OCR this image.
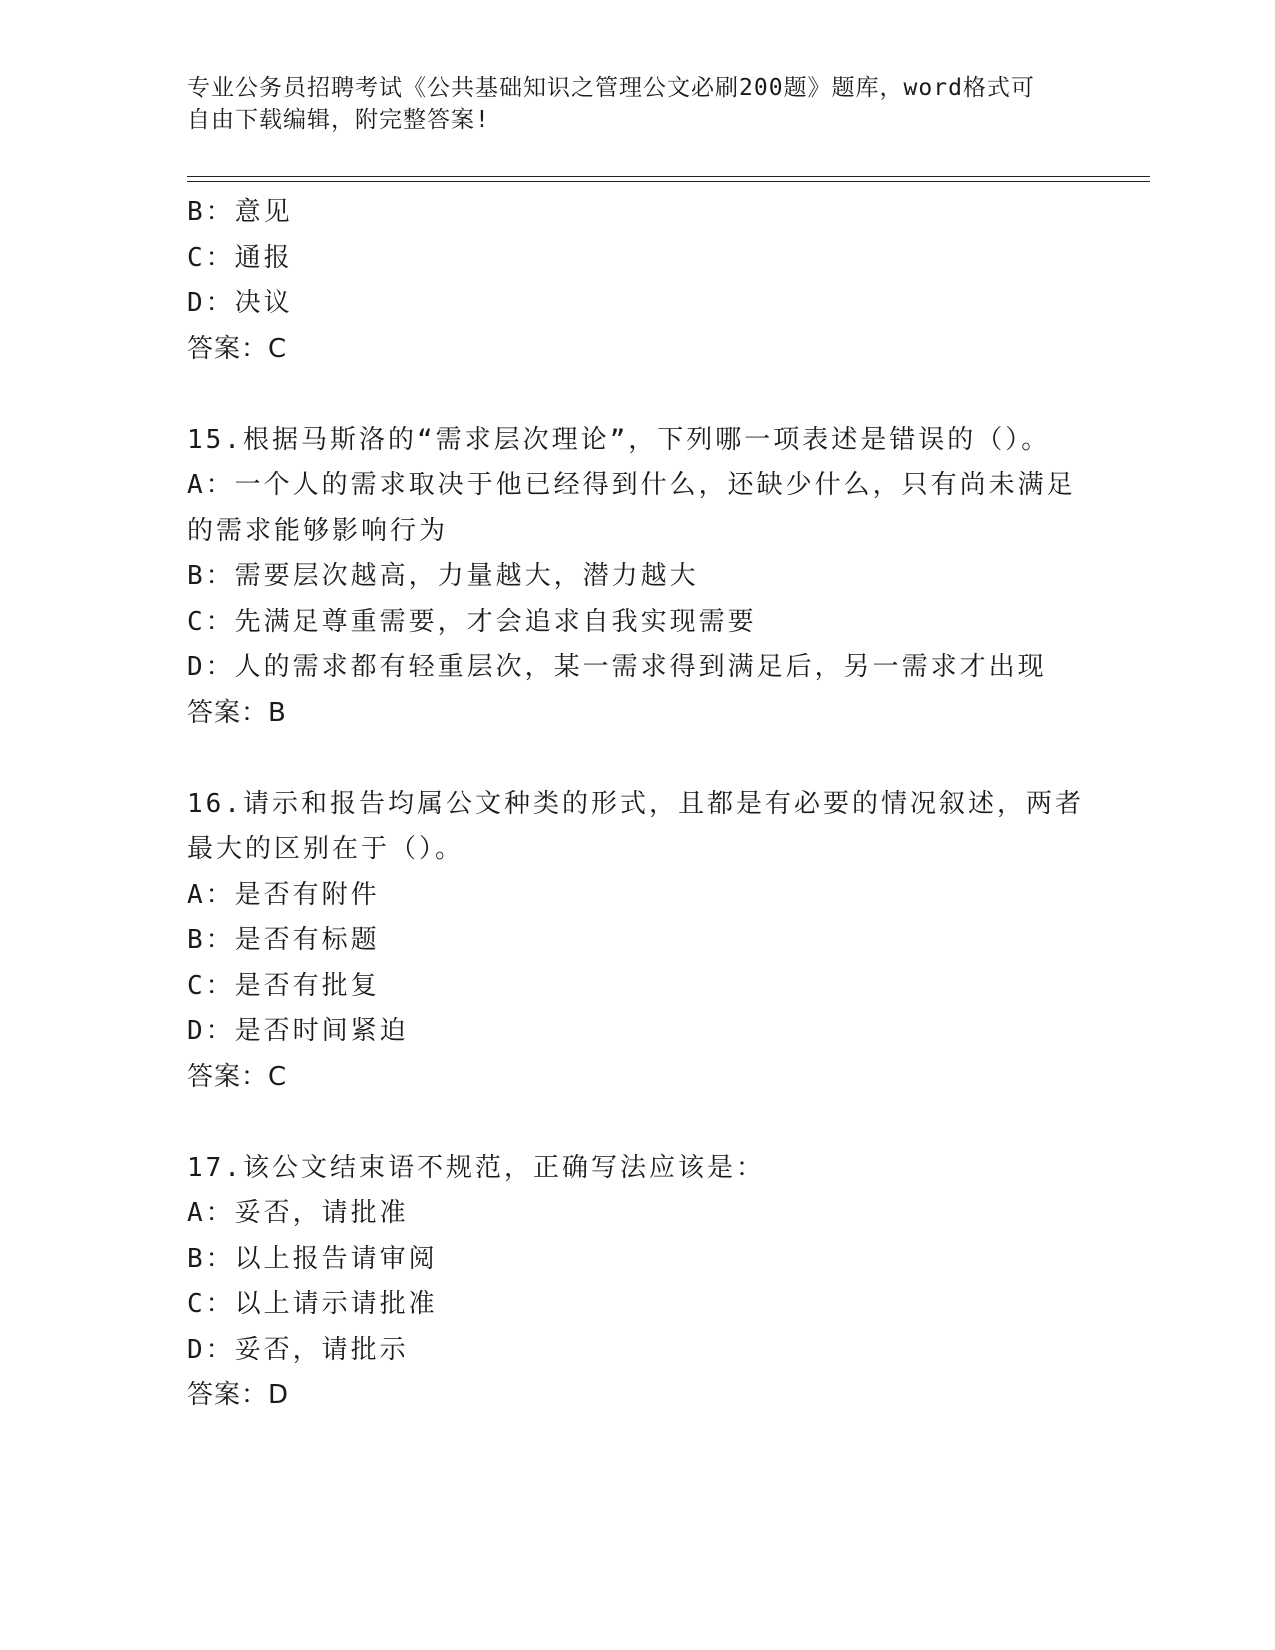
专业公务员招聘考试《公共基础知识之管理公文必刷200题》题库，word格式可
自由下载编辑，附完整答案!
B：意见
C：通报
D：决议
答案：C
15.根据马斯洛的“需求层次理论”，下列哪一项表述是错误的（）。
A：一个人的需求取决于他已经得到什么，还缺少什么，只有尚未满足
的需求能够影响行为
B：需要层次越高，力量越大，潜力越大
C：先满足尊重需要，才会追求自我实现需要
D：人的需求都有轻重层次，某一需求得到满足后，另一需求才出现
答案：B
16.请示和报告均属公文种类的形式，且都是有必要的情况叙述，两者
最大的区别在于（）。
A：是否有附件
B：是否有标题
C：是否有批复
D：是否时间紧迫
答案：C
17.该公文结束语不规范，正确写法应该是：
A：妥否，请批准
B：以上报告请审阅
C：以上请示请批准
D：妥否，请批示
答案：D
